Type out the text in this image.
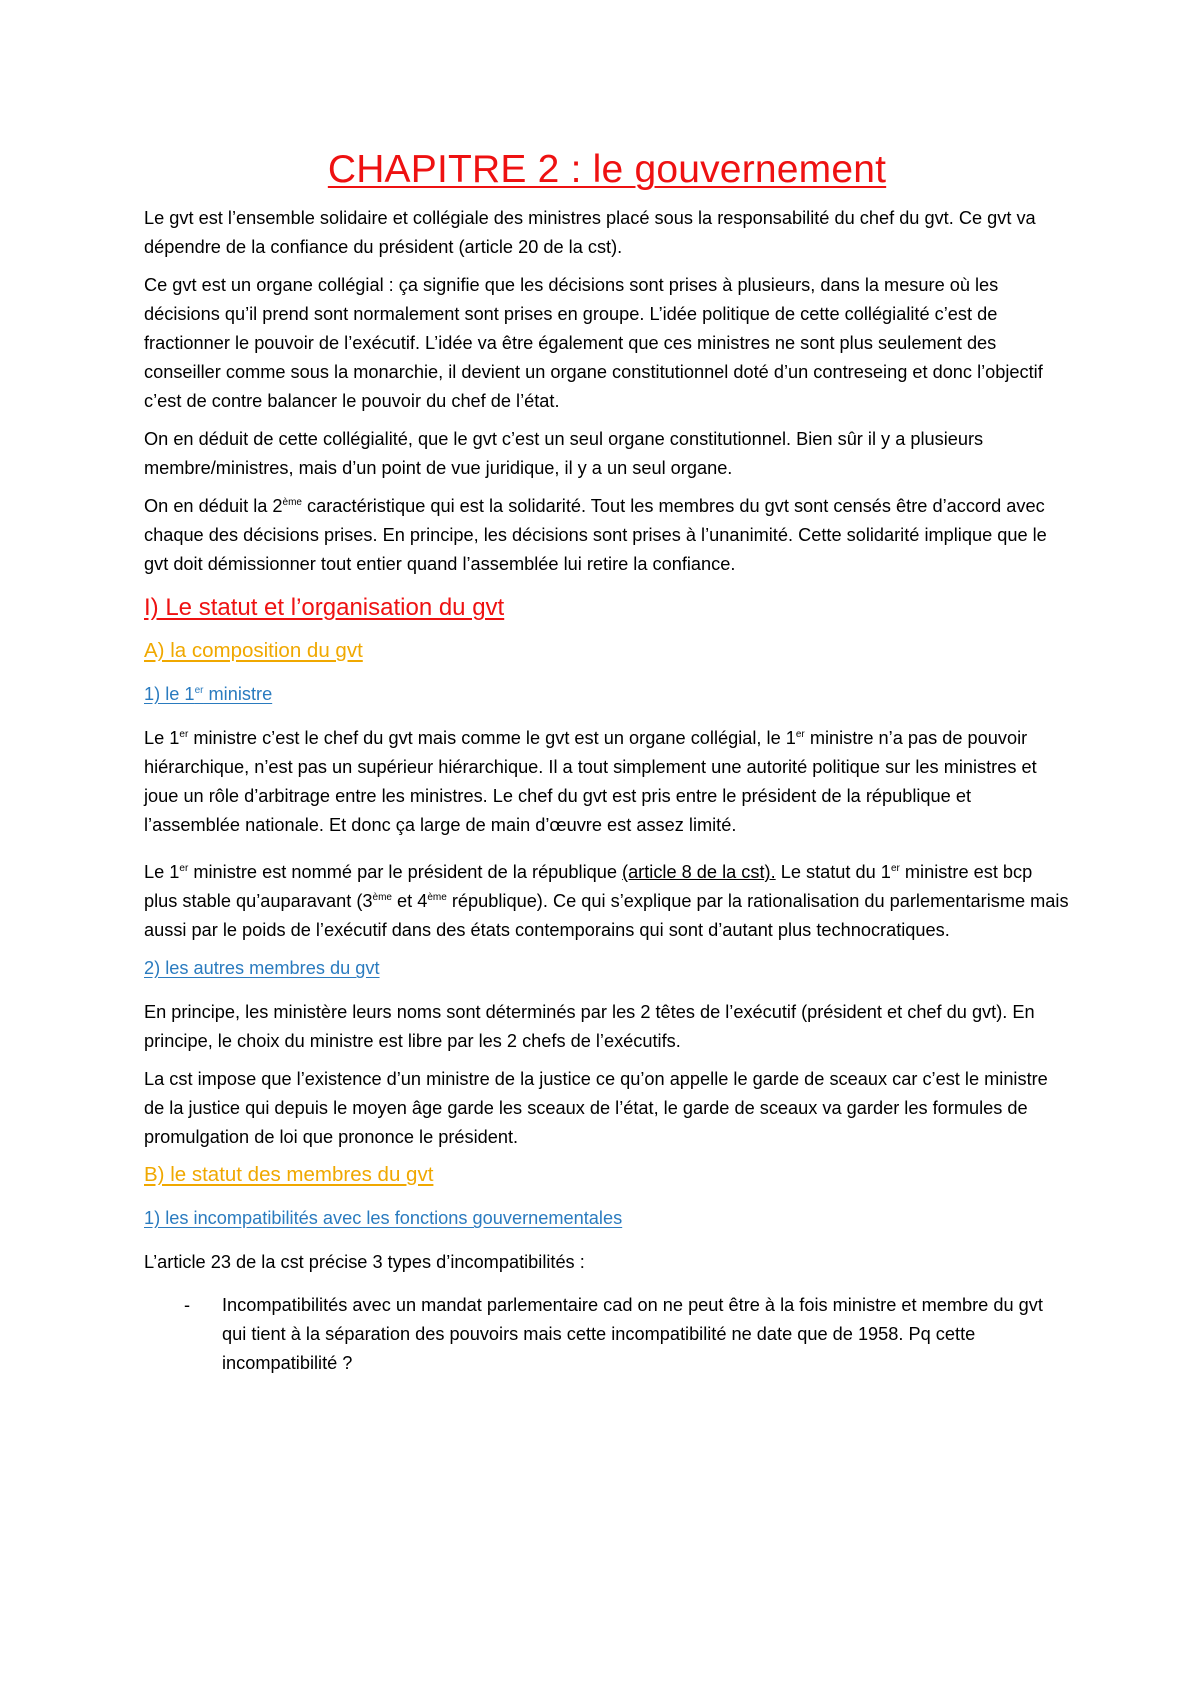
CHAPITRE 2 : le gouvernement

Le gvt est l’ensemble solidaire et collégiale des ministres placé sous la responsabilité du chef du gvt. Ce gvt va dépendre de la confiance du président (article 20 de la cst).

Ce gvt est un organe collégial : ça signifie que les décisions sont prises à plusieurs, dans la mesure où les décisions qu’il prend sont normalement sont prises en groupe. L’idée politique de cette collégialité c’est de fractionner le pouvoir de l’exécutif. L’idée va être également que ces ministres ne sont plus seulement des conseiller comme sous la monarchie, il devient un organe constitutionnel doté d’un contreseing et donc l’objectif c’est de contre balancer le pouvoir du chef de l’état.

On en déduit de cette collégialité, que le gvt c’est un seul organe constitutionnel. Bien sûr il y a plusieurs membre/ministres, mais d’un point de vue juridique, il y a un seul organe.

On en déduit la 2ème caractéristique qui est la solidarité. Tout les membres du gvt sont censés être d’accord avec chaque des décisions prises. En principe, les décisions sont prises à l’unanimité. Cette solidarité implique que le gvt doit démissionner tout entier quand l’assemblée lui retire la confiance.

I) Le statut et l’organisation du gvt
A) la composition du gvt
1) le 1er ministre

Le 1er ministre c’est le chef du gvt mais comme le gvt est un organe collégial, le 1er ministre n’a pas de pouvoir hiérarchique, n’est pas un supérieur hiérarchique. Il a tout simplement une autorité politique sur les ministres et joue un rôle d’arbitrage entre les ministres. Le chef du gvt est pris entre le président de la république et l’assemblée nationale. Et donc ça large de main d’œuvre est assez limité.

Le 1er ministre est nommé par le président de la république (article 8 de la cst). Le statut du 1er ministre est bcp plus stable qu’auparavant (3ème et 4ème république). Ce qui s’explique par la rationalisation du parlementarisme mais aussi par le poids de l’exécutif dans des états contemporains qui sont d’autant plus technocratiques.

2) les autres membres du gvt

En principe, les ministère leurs noms sont déterminés par les 2 têtes de l’exécutif (président et chef du gvt). En principe, le choix du ministre est libre par les 2 chefs de l’exécutifs.

La cst impose que l’existence d’un ministre de la justice ce qu’on appelle le garde de sceaux car c’est le ministre de la justice qui depuis le moyen âge garde les sceaux de l’état, le garde de sceaux va garder les formules de promulgation de loi que prononce le président.

B) le statut des membres du gvt
1) les incompatibilités avec les fonctions gouvernementales

L’article 23 de la cst précise 3 types d’incompatibilités :

-	Incompatibilités avec un mandat parlementaire cad on ne peut être à la fois ministre et membre du gvt qui tient à la séparation des pouvoirs mais cette incompatibilité ne date que de 1958. Pq cette incompatibilité ?
